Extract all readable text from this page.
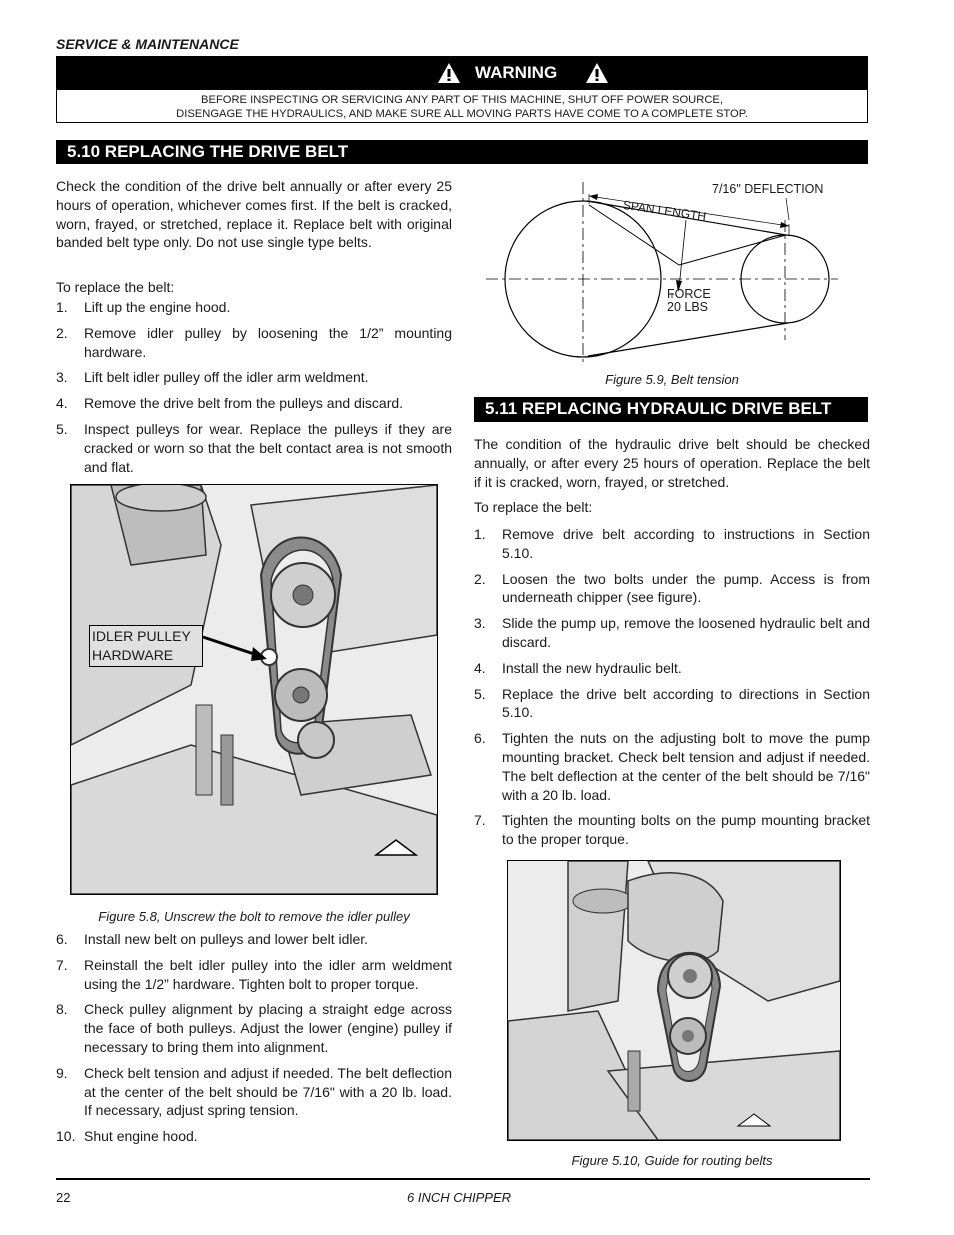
SERVICE & MAINTENANCE
WARNING
BEFORE INSPECTING OR SERVICING ANY PART OF THIS MACHINE, SHUT OFF POWER SOURCE,
DISENGAGE THE HYDRAULICS, AND MAKE SURE ALL MOVING PARTS HAVE COME TO A COMPLETE STOP.
5.10 REPLACING THE DRIVE BELT
Check the condition of the drive belt annually or after every 25 hours of operation, whichever comes first. If the belt is cracked, worn, frayed, or stretched, replace it. Replace belt with original banded belt type only. Do not use single type belts.
To replace the belt:
1. Lift up the engine hood.
2. Remove idler pulley by loosening the 1/2” mounting hardware.
3. Lift belt idler pulley off the idler arm weldment.
4. Remove the drive belt from the pulleys and discard.
5. Inspect pulleys for wear. Replace the pulleys if they are cracked or worn so that the belt contact area is not smooth and flat.
IDLER PULLEY
HARDWARE
Figure 5.8, Unscrew the bolt to remove the idler pulley
6. Install new belt on pulleys and lower belt idler.
7. Reinstall the belt idler pulley into the idler arm weldment using the 1/2” hardware. Tighten bolt to proper torque.
8. Check pulley alignment by placing a straight edge across the face of both pulleys. Adjust the lower (engine) pulley if necessary to bring them into alignment.
9. Check belt tension and adjust if needed. The belt deflection at the center of the belt should be 7/16" with a 20 lb. load. If necessary, adjust spring tension.
10. Shut engine hood.
7/16" DEFLECTION
SPAN LENGTH
FORCE
20 LBS
Figure 5.9, Belt tension
5.11 REPLACING HYDRAULIC DRIVE BELT
The condition of the hydraulic drive belt should be checked annually, or after every 25 hours of operation. Replace the belt if it is cracked, worn, frayed, or stretched.
To replace the belt:
1. Remove drive belt according to instructions in Section 5.10.
2. Loosen the two bolts under the pump. Access is from underneath chipper (see figure).
3. Slide the pump up, remove the loosened hydraulic belt and discard.
4. Install the new hydraulic belt.
5. Replace the drive belt according to directions in Section 5.10.
6. Tighten the nuts on the adjusting bolt to move the pump mounting bracket. Check belt tension and adjust if needed. The belt deflection at the center of the belt should be 7/16" with a 20 lb. load.
7. Tighten the mounting bolts on the pump mounting bracket to the proper torque.
Figure 5.10, Guide for routing belts
22	6 INCH CHIPPER
